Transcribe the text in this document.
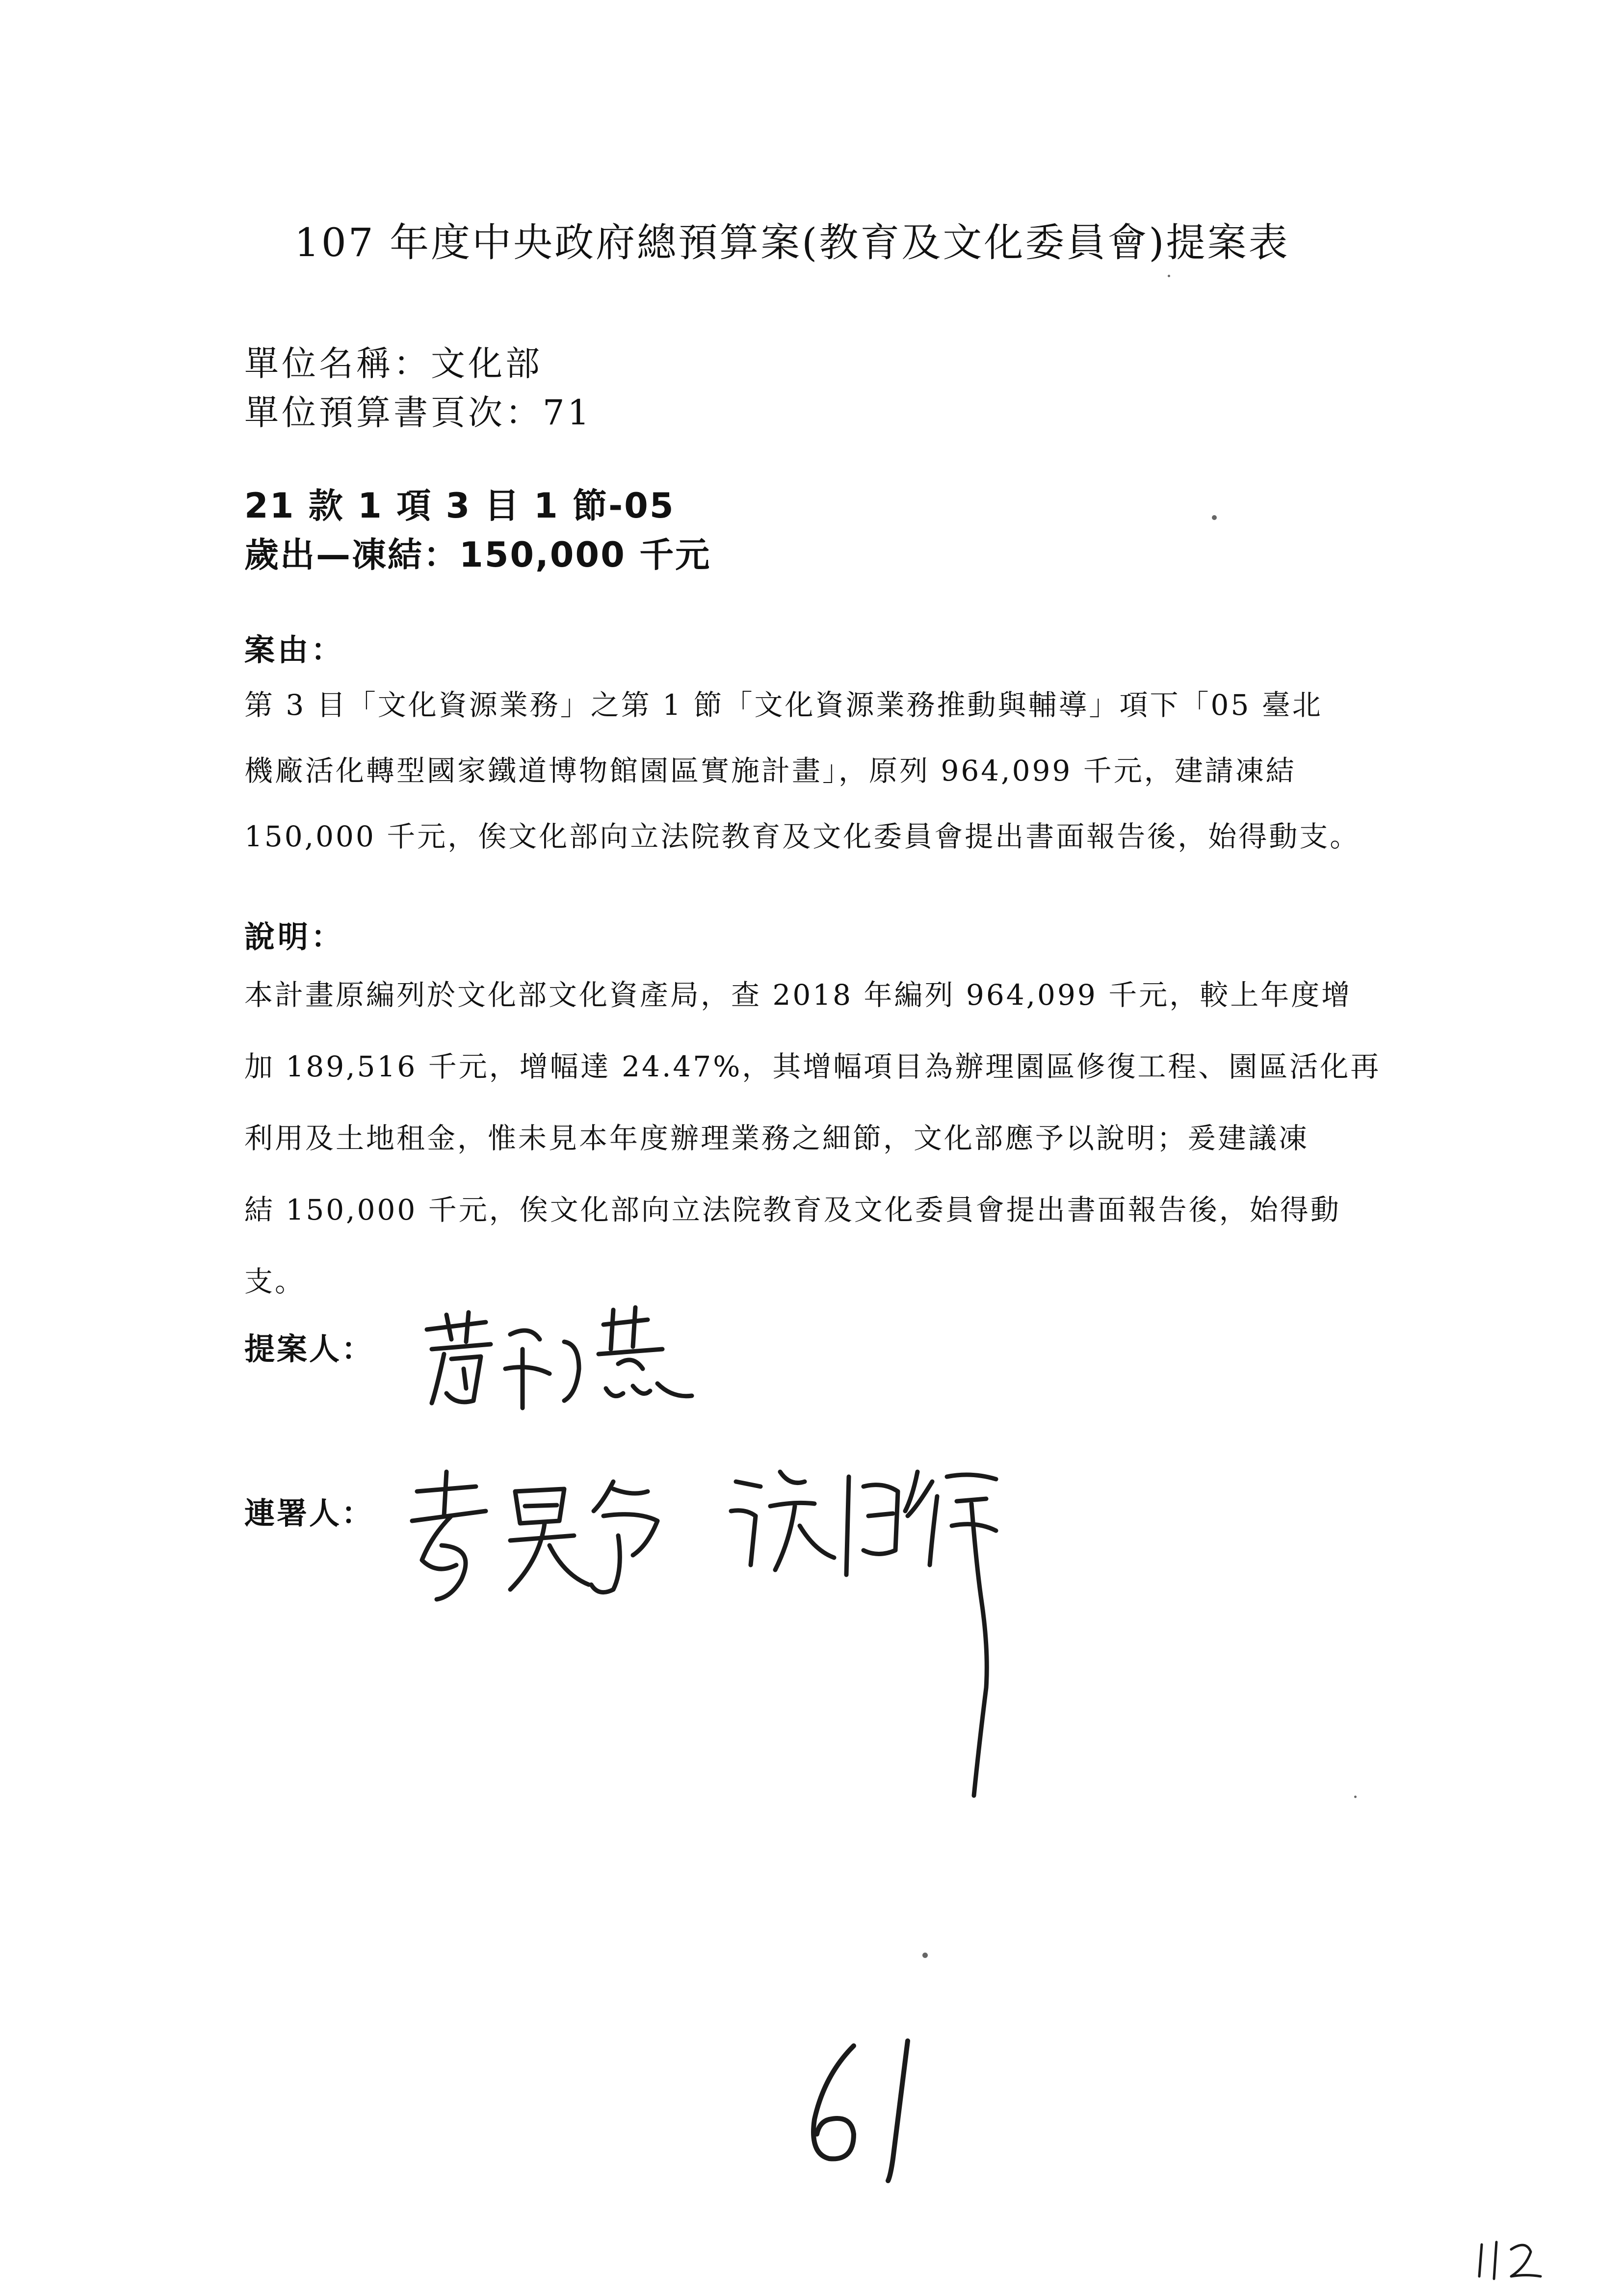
107 年度中央政府總預算案(教育及文化委員會)提案表

單位名稱：文化部

單位預算書頁次：71

21 款 1 項 3 目 1 節-05

歲出—凍結：150,000 千元

案由：

第 3 目「文化資源業務」之第 1 節「文化資源業務推動與輔導」項下「05 臺北
機廠活化轉型國家鐵道博物館園區實施計畫」，原列 964,099 千元，建請凍結
150,000 千元，俟文化部向立法院教育及文化委員會提出書面報告後，始得動支。

說明：

本計畫原編列於文化部文化資產局，查 2018 年編列 964,099 千元，較上年度增
加 189,516 千元，增幅達 24.47%，其增幅項目為辦理園區修復工程、園區活化再
利用及土地租金，惟未見本年度辦理業務之細節，文化部應予以說明；爰建議凍
結 150,000 千元，俟文化部向立法院教育及文化委員會提出書面報告後，始得動
支。

提案人：

連署人：
